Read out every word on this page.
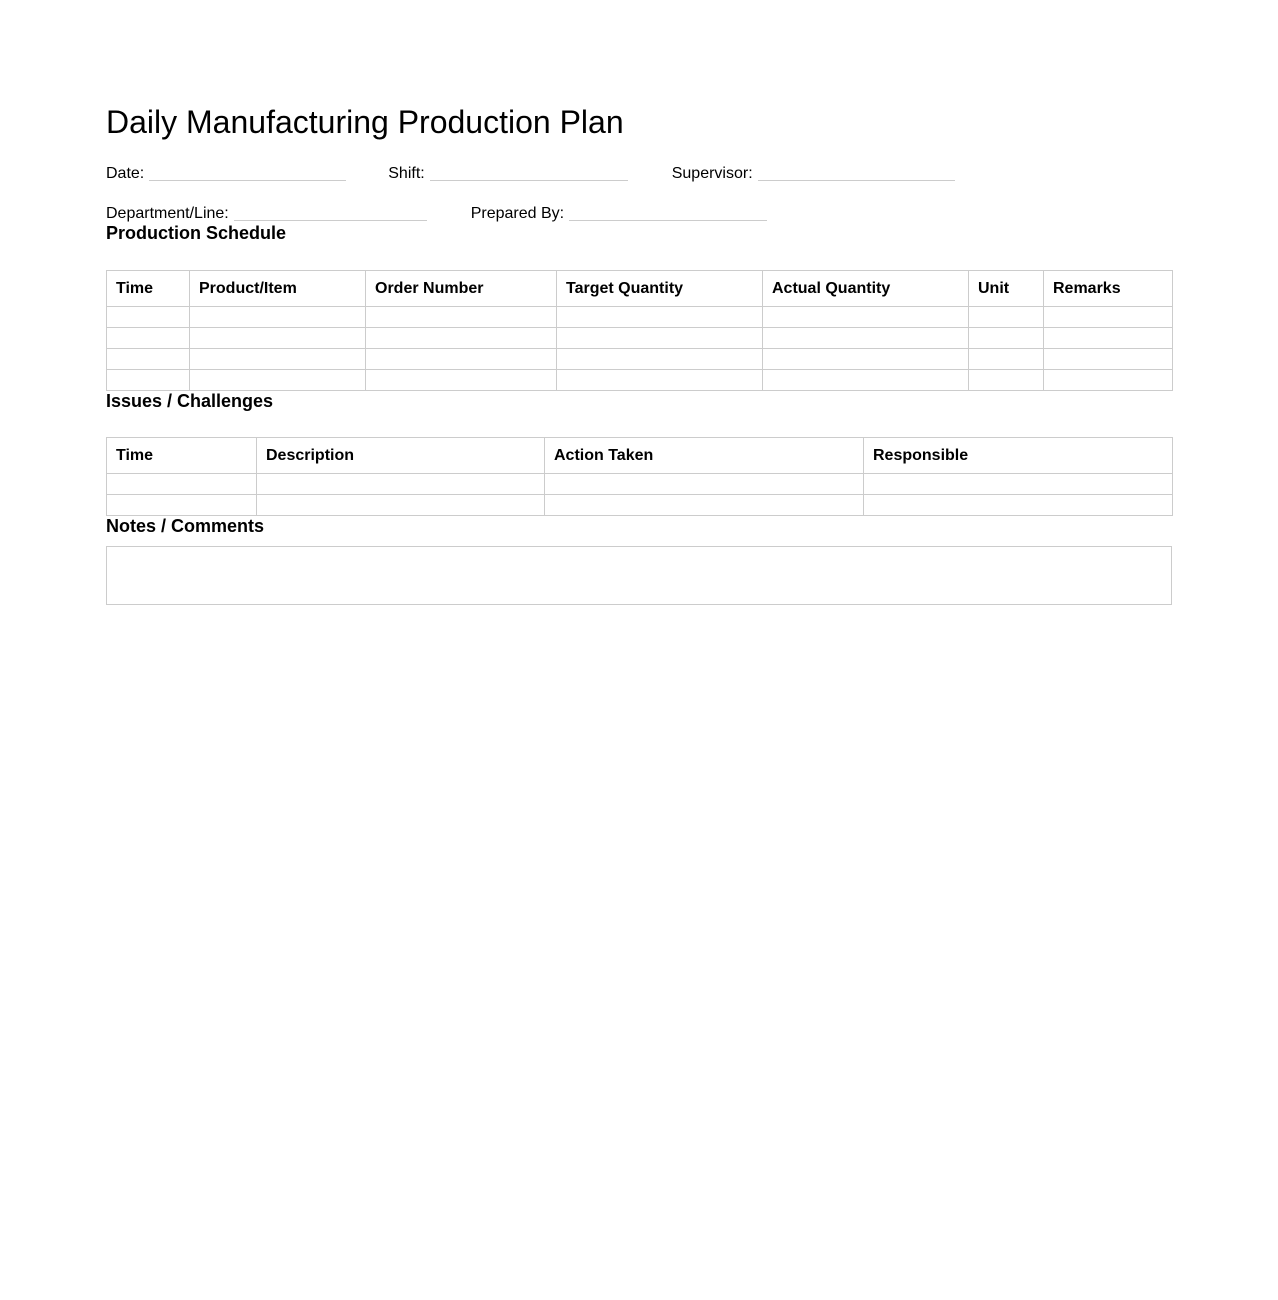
Daily Manufacturing Production Plan
Date:	Shift:	Supervisor:
Department/Line:	Prepared By:
Production Schedule
Time	Product/Item	Order Number	Target Quantity	Actual Quantity	Unit	Remarks

Issues / Challenges
Time	Description	Action Taken	Responsible

Notes / Comments
